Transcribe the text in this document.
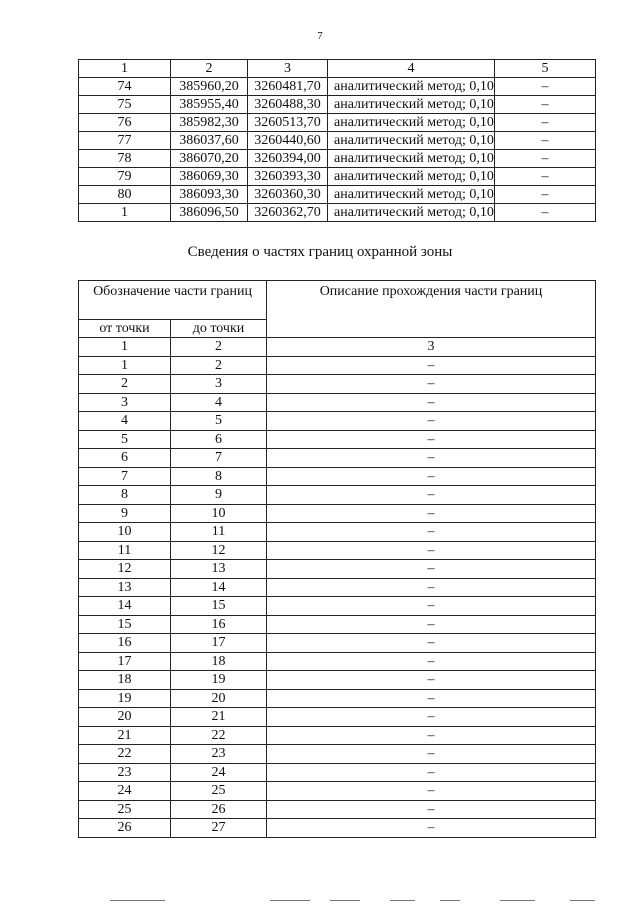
7
1	2	3	4	5
74	385960,20	3260481,70	аналитический метод; 0,10	–
75	385955,40	3260488,30	аналитический метод; 0,10	–
76	385982,30	3260513,70	аналитический метод; 0,10	–
77	386037,60	3260440,60	аналитический метод; 0,10	–
78	386070,20	3260394,00	аналитический метод; 0,10	–
79	386069,30	3260393,30	аналитический метод; 0,10	–
80	386093,30	3260360,30	аналитический метод; 0,10	–
1	386096,50	3260362,70	аналитический метод; 0,10	–
Сведения о частях границ охранной зоны
Обозначение части границ		Описание прохождения части границ
от точки	до точки	
1	2	3
1	2	–
2	3	–
3	4	–
4	5	–
5	6	–
6	7	–
7	8	–
8	9	–
9	10	–
10	11	–
11	12	–
12	13	–
13	14	–
14	15	–
15	16	–
16	17	–
17	18	–
18	19	–
19	20	–
20	21	–
21	22	–
22	23	–
23	24	–
24	25	–
25	26	–
26	27	–
